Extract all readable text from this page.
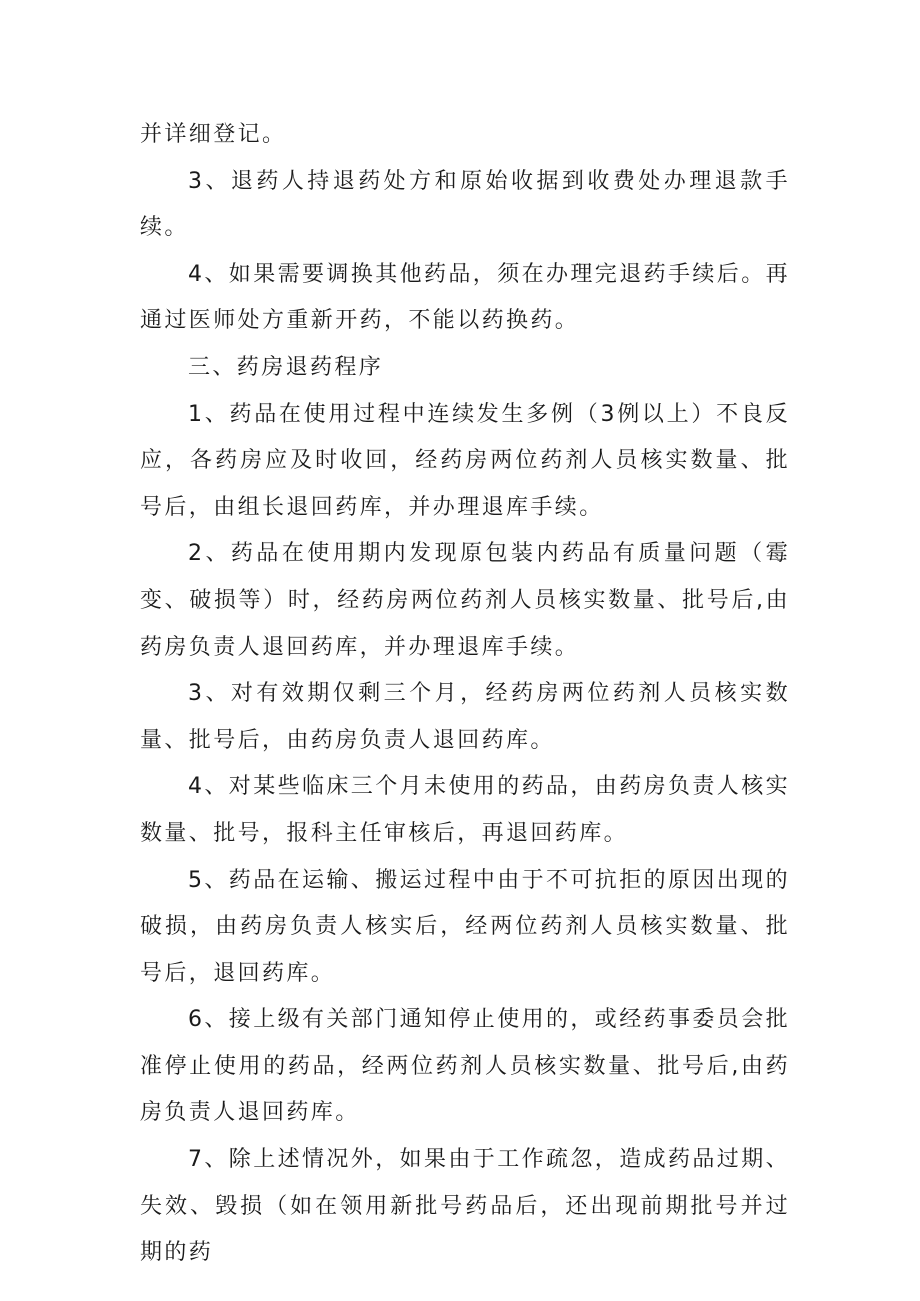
并详细登记。

3、退药人持退药处方和原始收据到收费处办理退款手续。

4、如果需要调换其他药品，须在办理完退药手续后。再通过医师处方重新开药，不能以药换药。

三、药房退药程序

1、药品在使用过程中连续发生多例（3例以上）不良反应，各药房应及时收回，经药房两位药剂人员核实数量、批号后，由组长退回药库，并办理退库手续。

2、药品在使用期内发现原包装内药品有质量问题（霉变、破损等）时，经药房两位药剂人员核实数量、批号后,由药房负责人退回药库，并办理退库手续。

3、对有效期仅剩三个月，经药房两位药剂人员核实数量、批号后，由药房负责人退回药库。

4、对某些临床三个月未使用的药品，由药房负责人核实数量、批号，报科主任审核后，再退回药库。

5、药品在运输、搬运过程中由于不可抗拒的原因出现的破损，由药房负责人核实后，经两位药剂人员核实数量、批号后，退回药库。

6、接上级有关部门通知停止使用的，或经药事委员会批准停止使用的药品，经两位药剂人员核实数量、批号后,由药房负责人退回药库。

7、除上述情况外，如果由于工作疏忽，造成药品过期、失效、毁损（如在领用新批号药品后，还出现前期批号并过期的药
